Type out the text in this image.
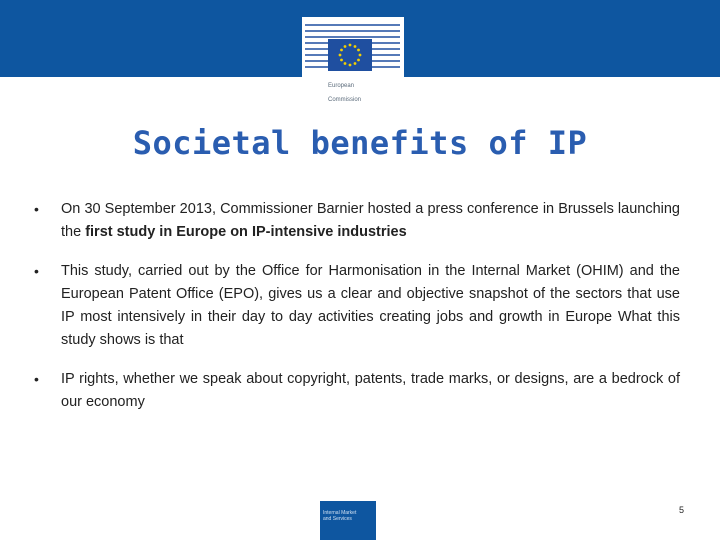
European

Commission

Societal benefits of IP
• On 30 September 2013, Commissioner Barnier hosted a press conference in Brussels launching the first study in Europe on IP-intensive industries
• This study, carried out by the Office for Harmonisation in the Internal Market (OHIM) and the European Patent Office (EPO), gives us a clear and objective snapshot of the sectors that use IP most intensively in their day to day activities creating jobs and growth in Europe What this study shows is that
• IP rights, whether we speak about copyright, patents, trade marks, or designs, are a bedrock of our economy
Internal Market
and Services
5
